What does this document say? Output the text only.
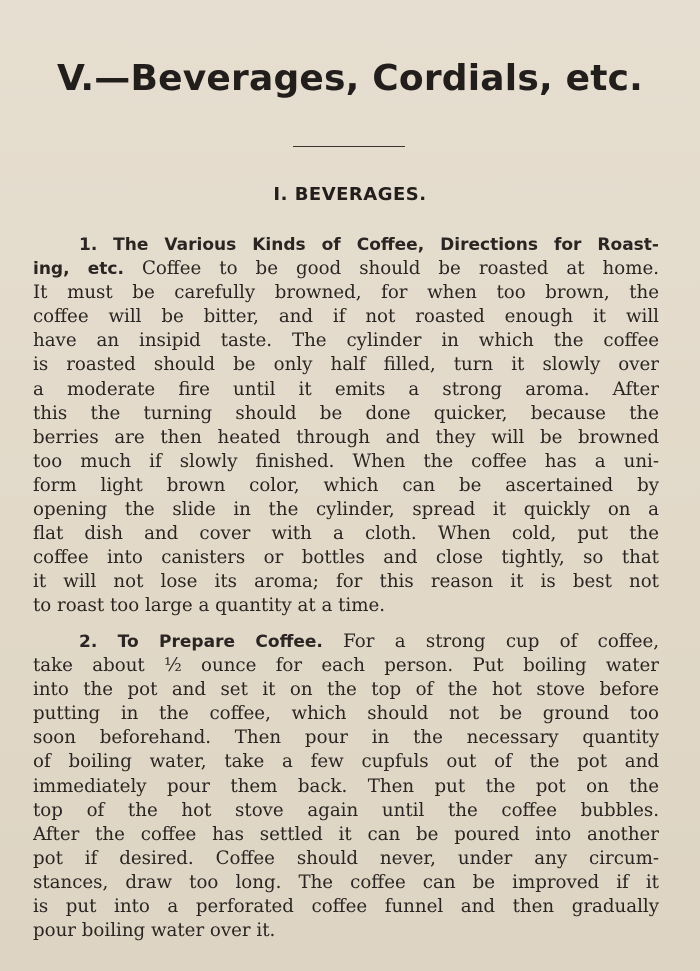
V.—Beverages, Cordials, etc.
I. BEVERAGES.
1. The Various Kinds of Coffee, Directions for Roast-
ing, etc. Coffee to be good should be roasted at home.
It must be carefully browned, for when too brown, the
coffee will be bitter, and if not roasted enough it will
have an insipid taste. The cylinder in which the coffee
is roasted should be only half filled, turn it slowly over
a moderate fire until it emits a strong aroma. After
this the turning should be done quicker, because the
berries are then heated through and they will be browned
too much if slowly finished. When the coffee has a uni-
form light brown color, which can be ascertained by
opening the slide in the cylinder, spread it quickly on a
flat dish and cover with a cloth. When cold, put the
coffee into canisters or bottles and close tightly, so that
it will not lose its aroma; for this reason it is best not
to roast too large a quantity at a time.
2. To Prepare Coffee. For a strong cup of coffee,
take about ½ ounce for each person. Put boiling water
into the pot and set it on the top of the hot stove before
putting in the coffee, which should not be ground too
soon beforehand. Then pour in the necessary quantity
of boiling water, take a few cupfuls out of the pot and
immediately pour them back. Then put the pot on the
top of the hot stove again until the coffee bubbles.
After the coffee has settled it can be poured into another
pot if desired. Coffee should never, under any circum-
stances, draw too long. The coffee can be improved if it
is put into a perforated coffee funnel and then gradually
pour boiling water over it.
